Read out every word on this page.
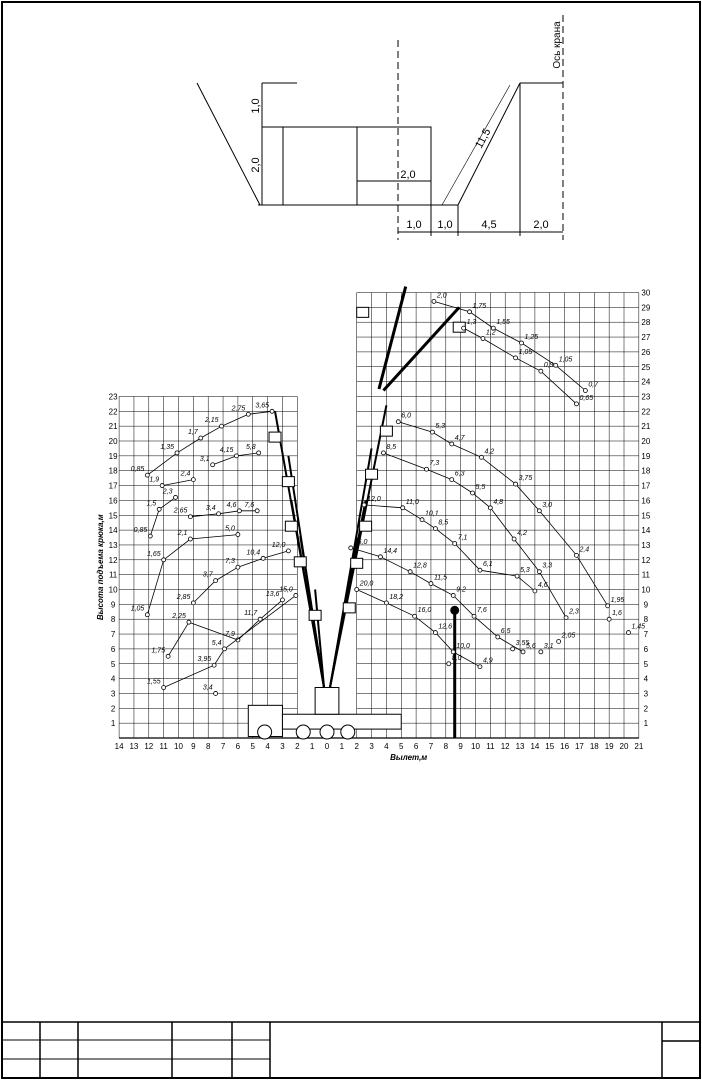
1,0
2,0
2,0
11,5
1,0 1,0	4,5	2,0
Ось крана
14 13 12 11 10 9 8 7 6 5 4 3 2 1 0 1 2 3 4 5 6 7 8 9 10 11 12 13 14 15 16 17 18 19 20 21
1
2
3
4
5
6
7
8
9
10
11
12
13
14
15
16
17
18
19
20
21
22
23
1
2
3
4
5
6
7
8
9
10
11
12
13
14
15
16
17
18
19
20
21
22
23
24
25
26
27
28
29
30
Вылет,м
Высота подъема крюка,м
0,85
1,35
1,7
2,15
2,75 3,65
3,1
4,15 5,8
1,9
2,4
0,85
1,5
2,3
2,65	3,4 4,6 7,6
1,05
1,65
2,1
5,0
2,85
3,7
7,3
10,4
12,0
1,75
2,25
7,9
11,7
13,6
1,55
3,95
5,4
15,0
3,4
2,0
1,75
1,55
1,25
1,05
0,7
1,3
1,2
1,05
0,9
0,65
6,0
5,3
4,7
4,2
3,75
3,0
2,4
1,95
1,6
1,45
8,5
7,3
6,3
5,5
4,8
4,2
3,3
2,3
2,05
12,0	11,0
10,1
8,5
7,1
6,1
5,3
4,6
15,0
14,4
12,8
11,5
9,2
7,6
6,5
5,6
3,55 3,1
20,0
18,2
16,0
12,6
10,0
4,9
8,0
